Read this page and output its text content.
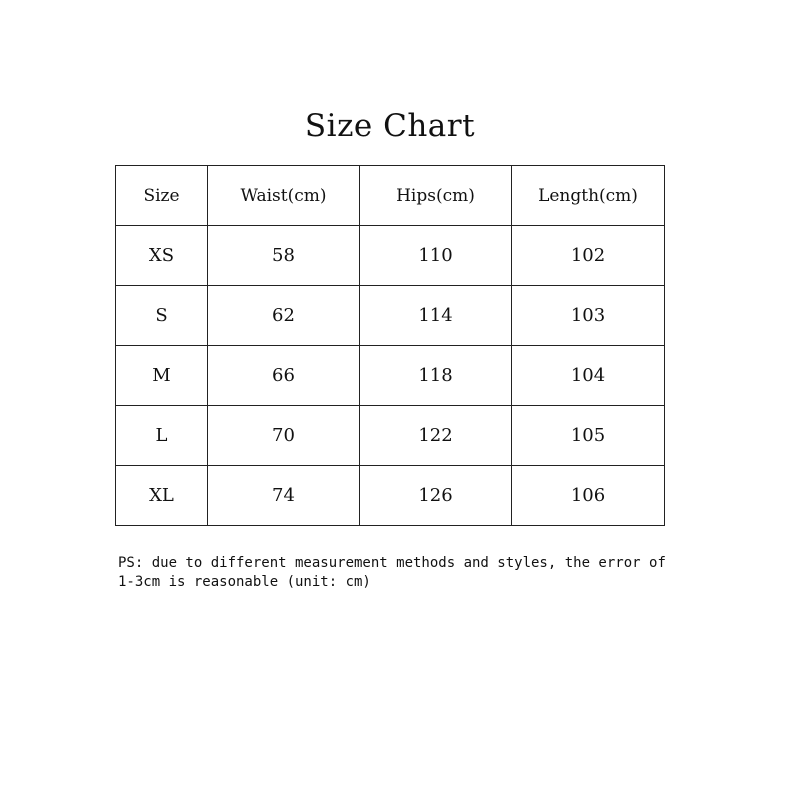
Size Chart
Size	Waist(cm)	Hips(cm)	Length(cm)
XS	58	110	102
S	62	114	103
M	66	118	104
L	70	122	105
XL	74	126	106
PS: due to different measurement methods and styles, the error of
1-3cm is reasonable (unit: cm)
